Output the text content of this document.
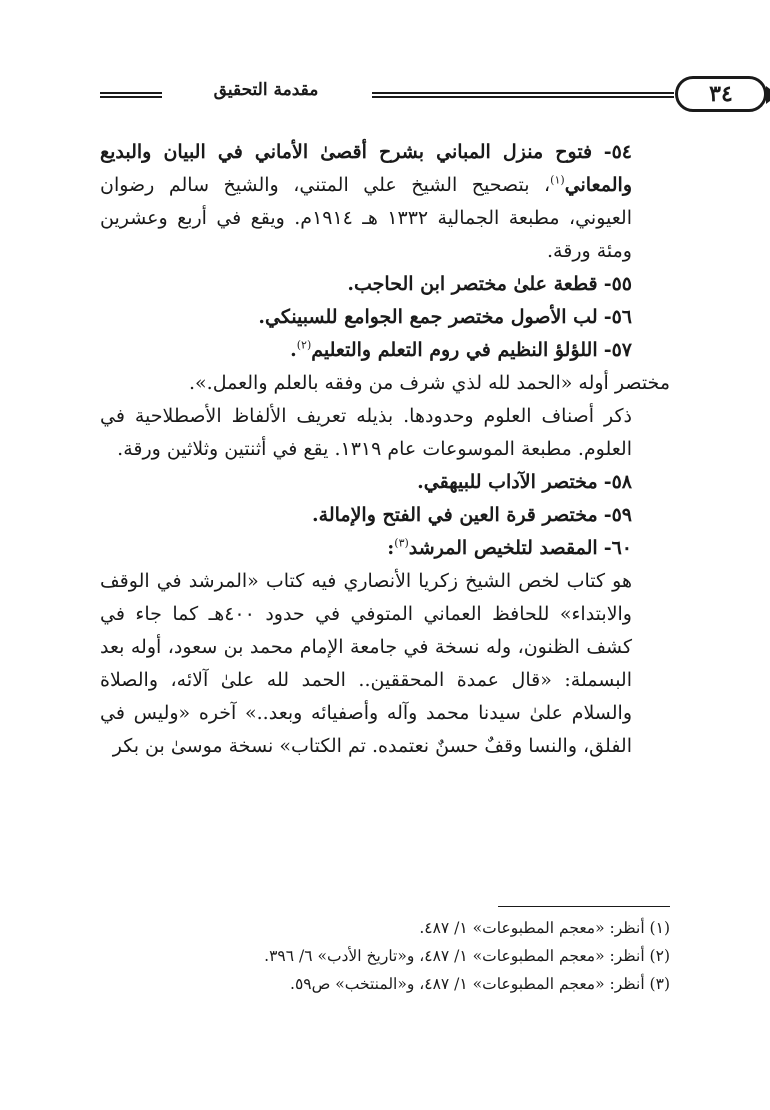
مقدمة التحقيق	٣٤

٥٤- فتوح منزل المباني بشرح أقصىٰ الأماني في البيان والبديع والمعاني$^{(١)}$، بتصحيح الشيخ علي المتني، والشيخ سالم رضوان العيوني، مطبعة الجمالية ١٣٣٢ هـ ١٩١٤م. ويقع في أربع وعشرين ومئة ورقة.

٥٥- قطعة علىٰ مختصر ابن الحاجب.

٥٦- لب الأصول مختصر جمع الجوامع للسبينكي.

٥٧- اللؤلؤ النظيم في روم التعلم والتعليم$^{(٢)}$.

مختصر أوله «الحمد لله لذي شرف من وفقه بالعلم والعمل.».

ذكر أصناف العلوم وحدودها. بذيله تعريف الألفاظ الأصطلاحية في العلوم. مطبعة الموسوعات عام ١٣١٩. يقع في أثنتين وثلاثين ورقة.

٥٨- مختصر الآداب للبيهقي.

٥٩- مختصر قرة العين في الفتح والإمالة.

٦٠- المقصد لتلخيص المرشد$^{(٣)}$:

هو كتاب لخص الشيخ زكريا الأنصاري فيه كتاب «المرشد في الوقف والابتداء» للحافظ العماني المتوفي في حدود ٤٠٠هـ كما جاء في كشف الظنون، وله نسخة في جامعة الإمام محمد بن سعود، أوله بعد البسملة: «قال عمدة المحققين.. الحمد لله علىٰ آلائه، والصلاة والسلام علىٰ سيدنا محمد وآله وأصفيائه وبعد..» آخره «وليس في الفلق، والنسا وقفٌ حسنٌ نعتمده. تم الكتاب» نسخة موسىٰ بن بكر

(١) أنظر: «معجم المطبوعات» ١/ ٤٨٧.

(٢) أنظر: «معجم المطبوعات» ١/ ٤٨٧، و«تاريخ الأدب» ٦/ ٣٩٦.

(٣) أنظر: «معجم المطبوعات» ١/ ٤٨٧، و«المنتخب» ص٥٩.
